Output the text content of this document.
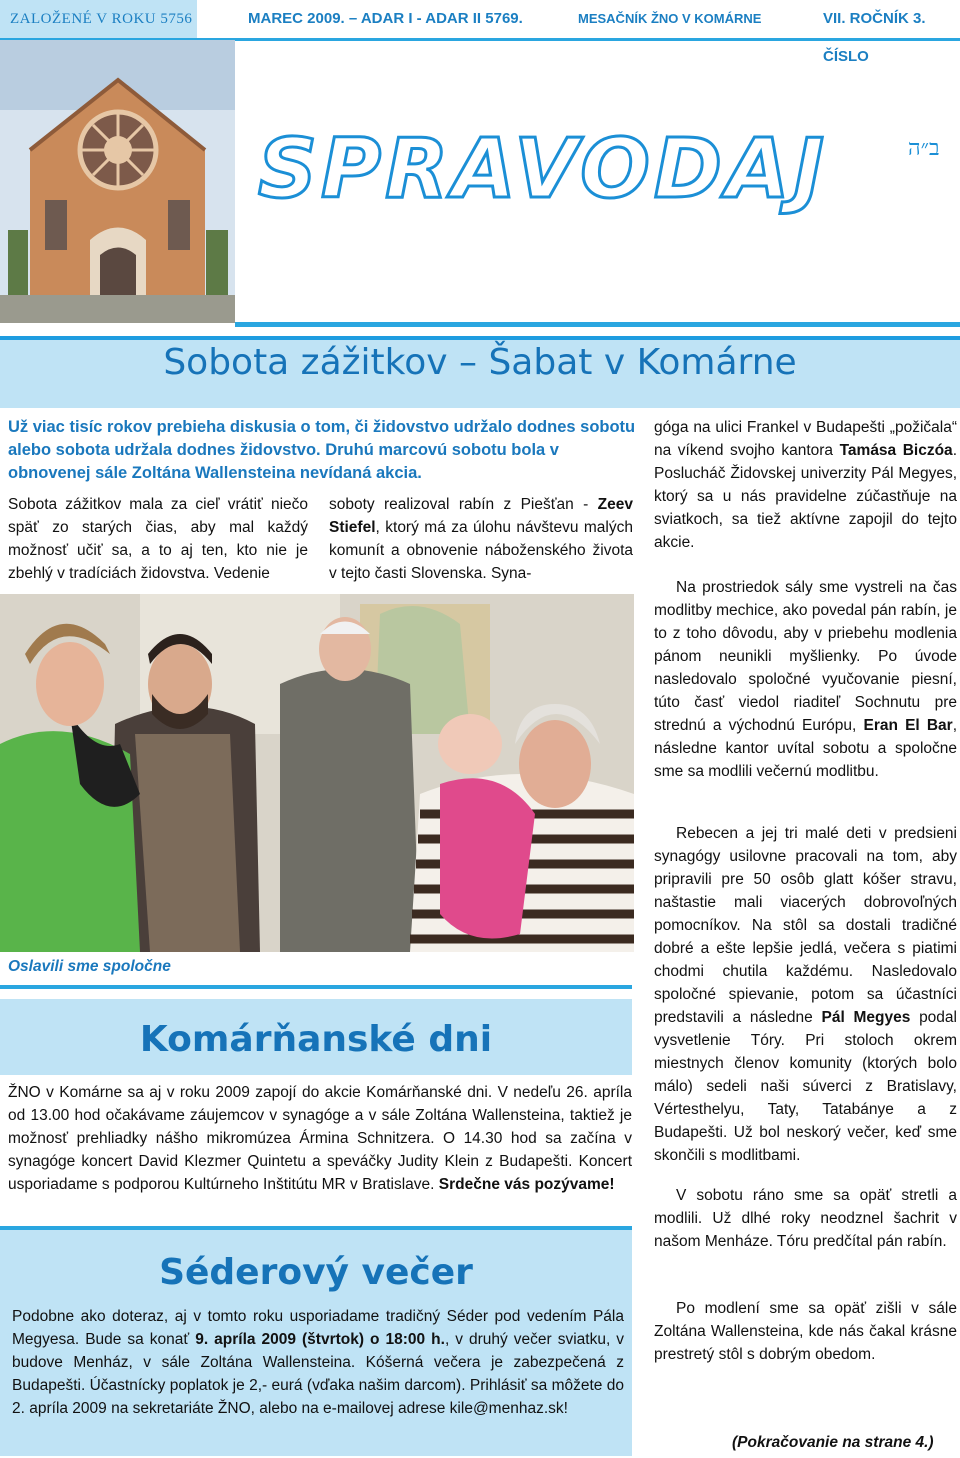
ZALOŽENÉ V ROKU 5756	MAREC 2009. – ADAR I - ADAR II 5769.	MESAČNÍK ŽNO V KOMÁRNE	VII. ROČNÍK 3. ČÍSLO
SPRAVODAJ	ב״ה
Sobota zážitkov – Šabat v Komárne
Už viac tisíc rokov prebieha diskusia o tom, či židovstvo udržalo dodnes sobotu alebo sobota udržala dodnes židovstvo. Druhú marcovú sobotu bola v obnovenej sále Zoltána Wallensteina nevídaná akcia.

Sobota zážitkov mala za cieľ vrátiť niečo späť zo starých čias, aby mal každý možnosť učiť sa, a to aj ten, kto nie je zbehlý v tradíciách židovstva. Vedenie

soboty realizoval rabín z Piešťan - Zeev Stiefel, ktorý má za úlohu návštevu malých komunít a obnovenie náboženského života v tejto časti Slovenska. Syna-

góga na ulici Frankel v Budapešti „požičala“ na víkend svojho kantora Tamása Biczóa. Poslucháč Židovskej univerzity Pál Megyes, ktorý sa u nás pravidelne zúčastňuje na sviatkoch, sa tiež aktívne zapojil do tejto akcie.

Na prostriedok sály sme vystreli na čas modlitby mechice, ako povedal pán rabín, je to z toho dôvodu, aby v priebehu modlenia pánom neunikli myšlienky. Po úvode nasledovalo spoločné vyučovanie piesní, túto časť viedol riaditeľ Sochnutu pre strednú a východnú Európu, Eran El Bar, následne kantor uvítal sobotu a spoločne sme sa modlili večernú modlitbu.

Rebecen a jej tri malé deti v predsieni synagógy usilovne pracovali na tom, aby pripravili pre 50 osôb glatt kóšer stravu, naštastie mali viacerých dobrovoľných pomocníkov. Na stôl sa dostali tradičné dobré a ešte lepšie jedlá, večera s piatimi chodmi chutila každému. Nasledovalo spoločné spievanie, potom sa účastníci predstavili a následne Pál Megyes podal vysvetlenie Tóry. Pri stoloch okrem miestnych členov komunity (ktorých bolo málo) sedeli naši súverci z Bratislavy, Vértesthelyu, Taty, Tatabánye a z Budapešti. Už bol neskorý večer, keď sme skončili s modlitbami.

V sobotu ráno sme sa opäť stretli a modlili. Už dlhé roky neodznel šachrit v našom Menháze. Tóru predčítal pán rabín.

Po modlení sme sa opäť zišli v sále Zoltána Wallensteina, kde nás čakal krásne prestretý stôl s dobrým obedom.

(Pokračovanie na strane 4.)
Oslavili sme spoločne
Komárňanské dni
ŽNO v Komárne sa aj v roku 2009 zapojí do akcie Komárňanské dni. V nedeľu 26. apríla od 13.00 hod očakávame záujemcov v synagóge a v sále Zoltána Wallensteina, taktiež je možnosť prehliadky nášho mikromúzea Ármina Schnitzera. O 14.30 hod sa začína v synagóge koncert David Klezmer Quintetu a speváčky Judity Klein z Budapešti. Koncert usporiadame s podporou Kultúrneho Inštitútu MR v Bratislave. Srdečne vás pozývame!
Séderový večer
Podobne ako doteraz, aj v tomto roku usporiadame tradičný Séder pod vedením Pála Megyesa. Bude sa konať 9. apríla 2009 (štvrtok) o 18:00 h., v druhý večer sviatku, v budove Menház, v sále Zoltána Wallensteina. Kóšerná večera je zabezpečená z Budapešti. Účastnícky poplatok je 2,- eurá (vďaka našim darcom). Prihlásiť sa môžete do 2. apríla 2009 na sekretariáte ŽNO, alebo na e-mailovej adrese kile@menhaz.sk!
